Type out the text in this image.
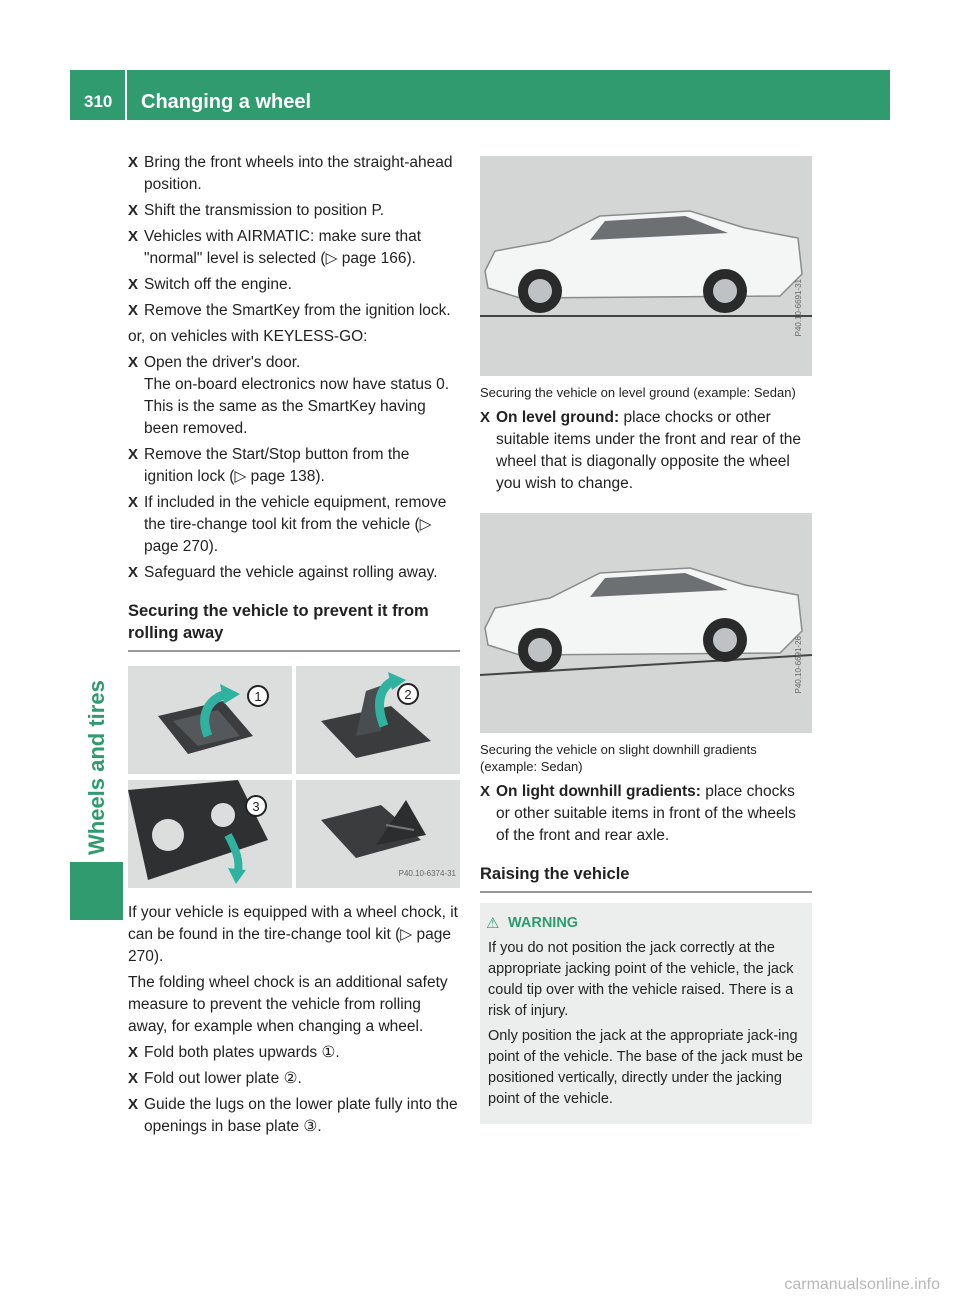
310 Changing a wheel
Wheels and tires
X Bring the front wheels into the straight-ahead position.
X Shift the transmission to position P.
X Vehicles with AIRMATIC: make sure that "normal" level is selected (▷ page 166).
X Switch off the engine.
X Remove the SmartKey from the ignition lock.

or, on vehicles with KEYLESS-GO:

X Open the driver's door.
The on-board electronics now have status 0. This is the same as the SmartKey having been removed.
X Remove the Start/Stop button from the ignition lock (▷ page 138).
X If included in the vehicle equipment, remove the tire-change tool kit from the vehicle (▷ page 270).
X Safeguard the vehicle against rolling away.
Securing the vehicle to prevent it from rolling away
1	2
3
P40.10-6374-31

If your vehicle is equipped with a wheel chock, it can be found in the tire-change tool kit (▷ page 270).

The folding wheel chock is an additional safety measure to prevent the vehicle from rolling away, for example when changing a wheel.

X Fold both plates upwards ①.
X Fold out lower plate ②.
X Guide the lugs on the lower plate fully into the openings in base plate ③.
P40.10-6691-31

Securing the vehicle on level ground (example: Sedan)

X On level ground: place chocks or other suitable items under the front and rear of the wheel that is diagonally opposite the wheel you wish to change.
P40.10-6691-26

Securing the vehicle on slight downhill gradients (example: Sedan)

X On light downhill gradients: place chocks or other suitable items in front of the wheels of the front and rear axle.
Raising the vehicle
⚠ WARNING

If you do not position the jack correctly at the appropriate jacking point of the vehicle, the jack could tip over with the vehicle raised. There is a risk of injury.

Only position the jack at the appropriate jack-ing point of the vehicle. The base of the jack must be positioned vertically, directly under the jacking point of the vehicle.

carmanualsonline.info
